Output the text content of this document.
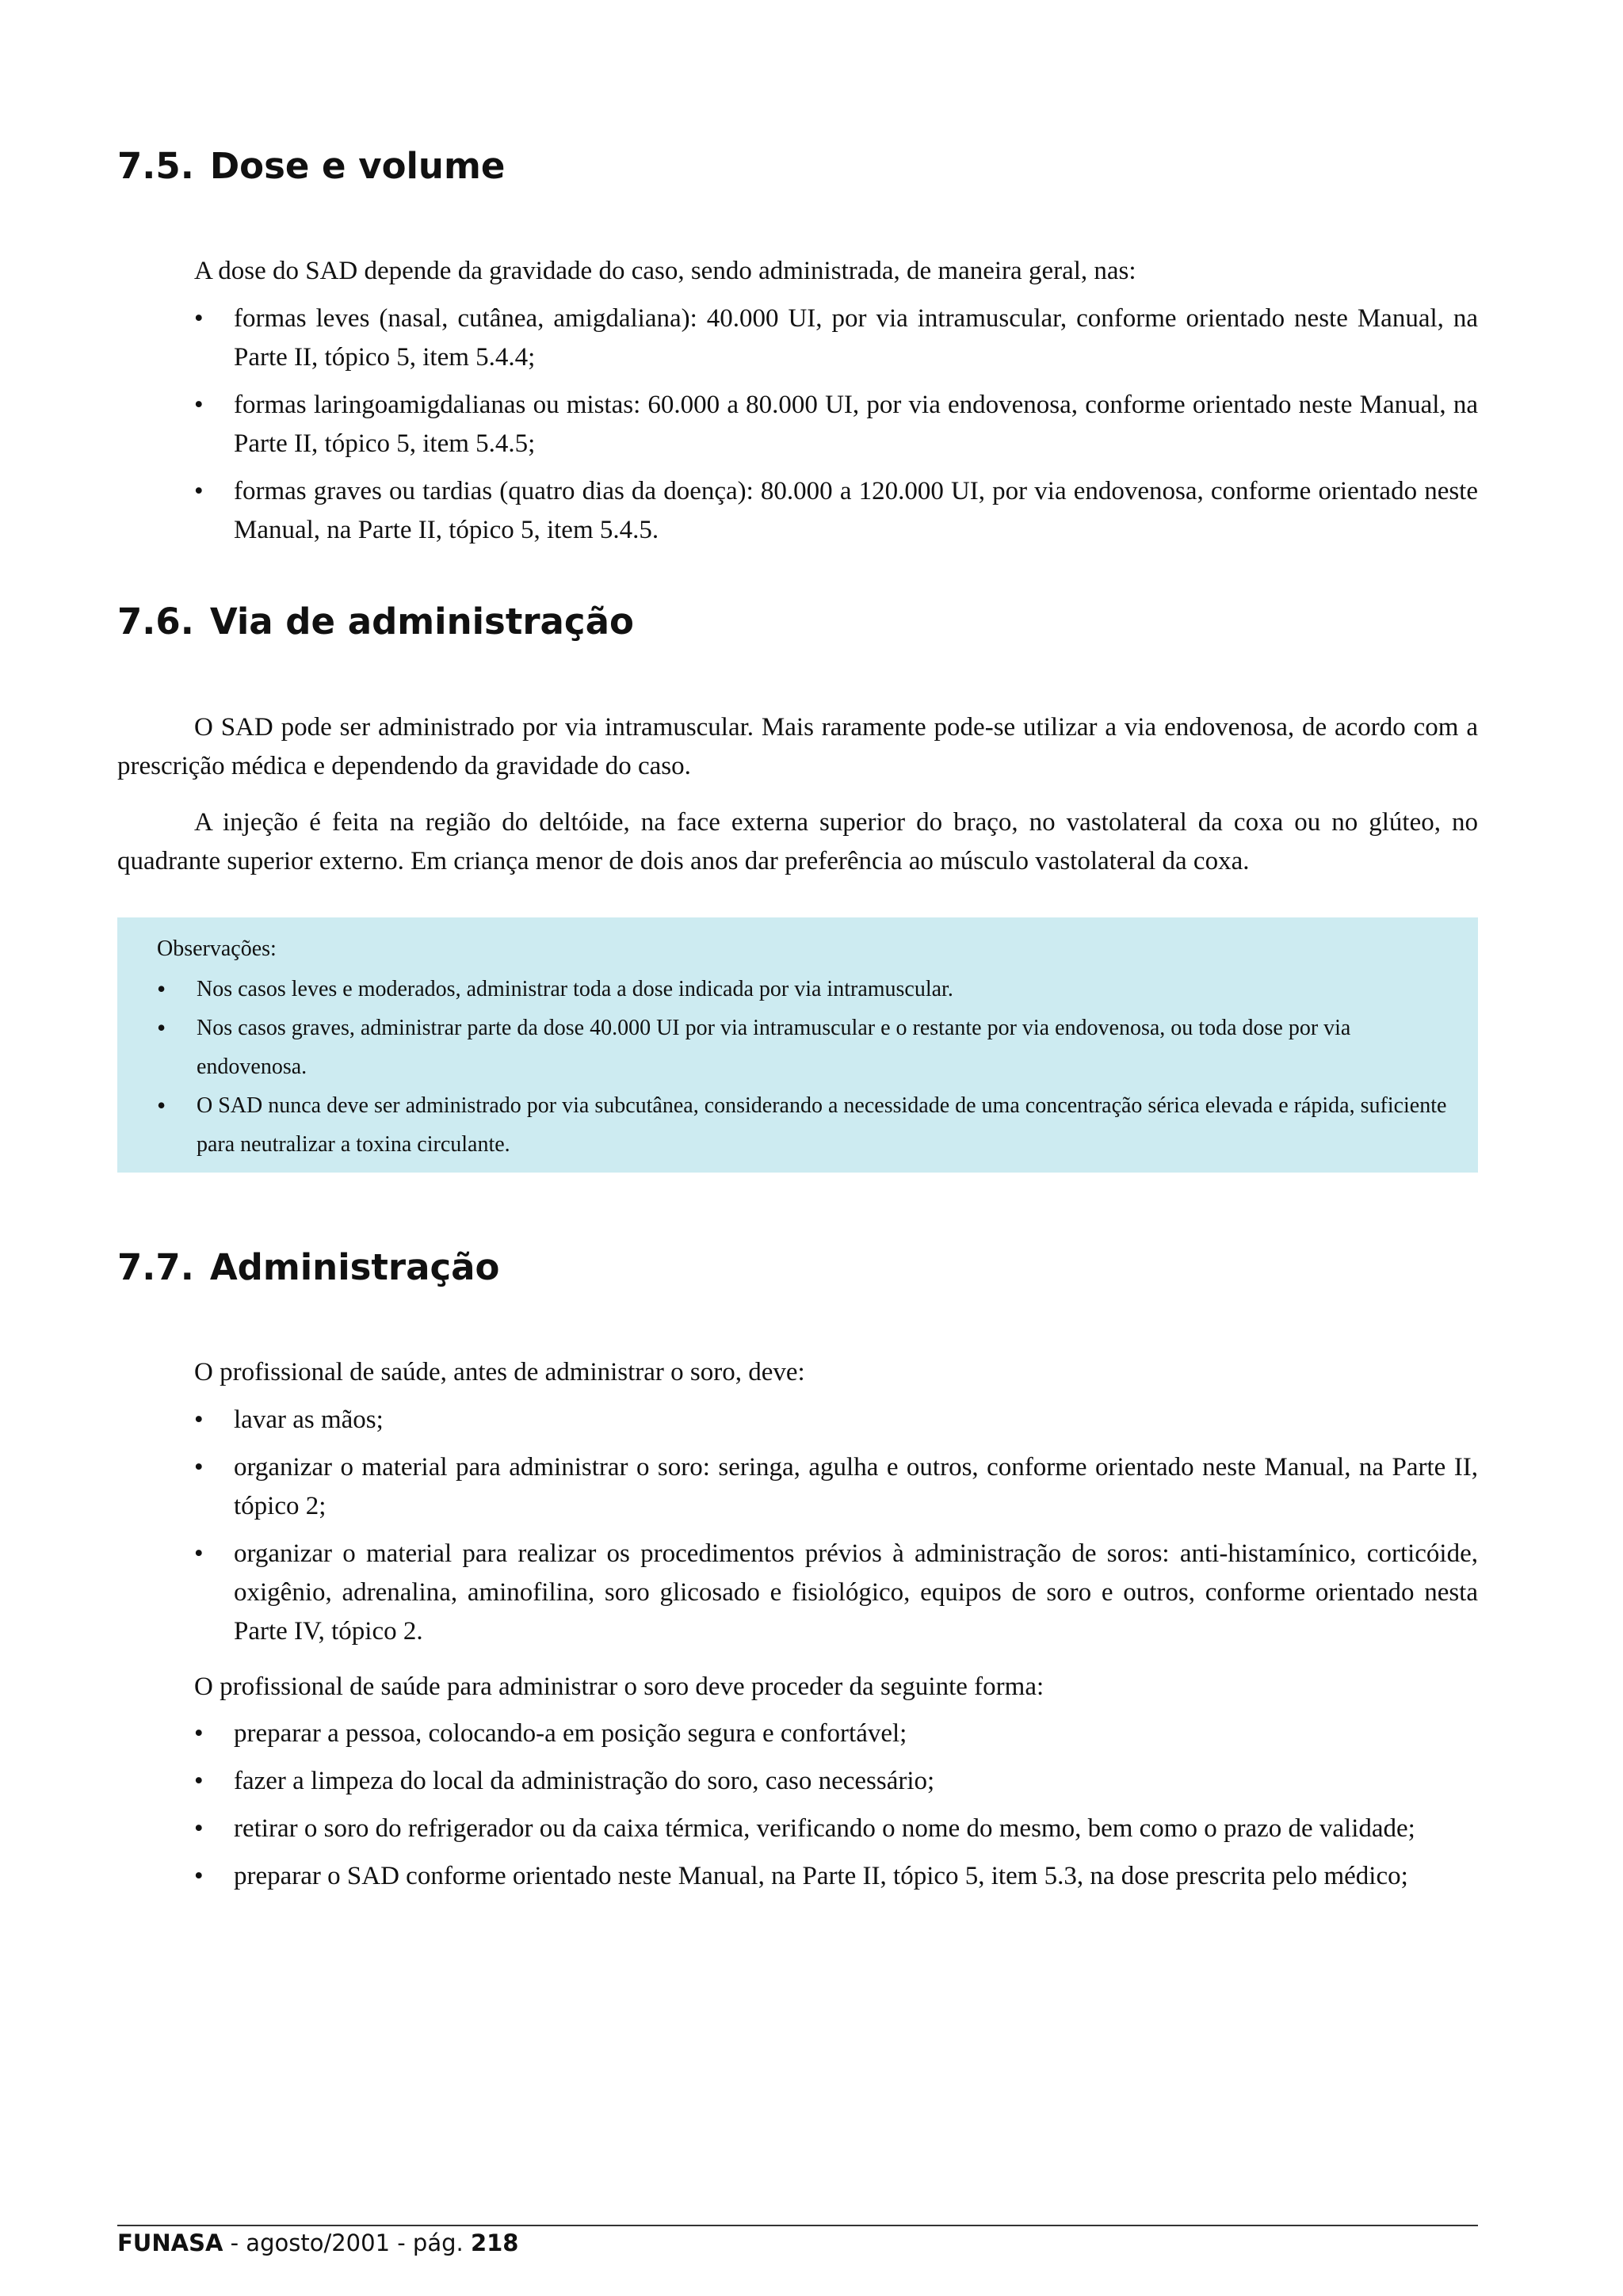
7.5. Dose e volume

A dose do SAD depende da gravidade do caso, sendo administrada, de maneira geral, nas:

• formas leves (nasal, cutânea, amigdaliana): 40.000 UI, por via intramuscular, conforme orientado neste Manual, na Parte II, tópico 5, item 5.4.4;
• formas laringoamigdalianas ou mistas: 60.000 a 80.000 UI, por via endovenosa, conforme orientado neste Manual, na Parte II, tópico 5, item 5.4.5;
• formas graves ou tardias (quatro dias da doença): 80.000 a 120.000 UI, por via endovenosa, conforme orientado neste Manual, na Parte II, tópico 5, item 5.4.5.
7.6. Via de administração

O SAD pode ser administrado por via intramuscular. Mais raramente pode-se utilizar a via endovenosa, de acordo com a prescrição médica e dependendo da gravidade do caso.

A injeção é feita na região do deltóide, na face externa superior do braço, no vastolateral da coxa ou no glúteo, no quadrante superior externo. Em criança menor de dois anos dar preferência ao músculo vastolateral da coxa.

Observações:

• Nos casos leves e moderados, administrar toda a dose indicada por via intramuscular.
• Nos casos graves, administrar parte da dose 40.000 UI por via intramuscular e o restante por via endovenosa, ou toda dose por via endovenosa.
• O SAD nunca deve ser administrado por via subcutânea, considerando a necessidade de uma concentração sérica elevada e rápida, suficiente para neutralizar a toxina circulante.
7.7. Administração

O profissional de saúde, antes de administrar o soro, deve:

• lavar as mãos;
• organizar o material para administrar o soro: seringa, agulha e outros, conforme orientado neste Manual, na Parte II, tópico 2;
• organizar o material para realizar os procedimentos prévios à administração de soros: anti-histamínico, corticóide, oxigênio, adrenalina, aminofilina, soro glicosado e fisiológico, equipos de soro e outros, conforme orientado nesta Parte IV, tópico 2.

O profissional de saúde para administrar o soro deve proceder da seguinte forma:

• preparar a pessoa, colocando-a em posição segura e confortável;
• fazer a limpeza do local da administração do soro, caso necessário;
• retirar o soro do refrigerador ou da caixa térmica, verificando o nome do mesmo, bem como o prazo de validade;
• preparar o SAD conforme orientado neste Manual, na Parte II, tópico 5, item 5.3, na dose prescrita pelo médico;

FUNASA - agosto/2001 - pág. 218
